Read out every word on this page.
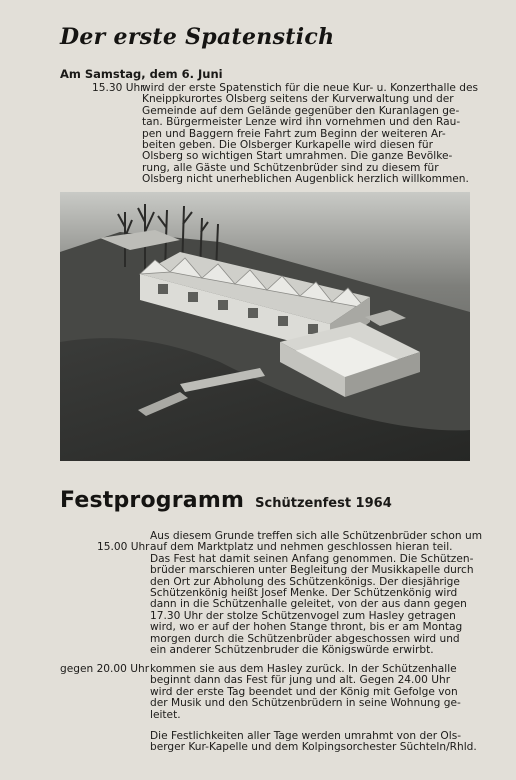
Der erste Spatenstich
Am Samstag, dem 6. Juni
15.30 Uhr
wird der erste Spatenstich für die neue Kur- u. Konzerthalle des
Kneippkurortes Olsberg seitens der Kurverwaltung und der
Gemeinde auf dem Gelände gegenüber den Kuranlagen ge-
tan. Bürgermeister Lenze wird ihn vornehmen und den Rau-
pen und Baggern freie Fahrt zum Beginn der weiteren Ar-
beiten geben. Die Olsberger Kurkapelle wird diesen für
Olsberg so wichtigen Start umrahmen. Die ganze Bevölke-
rung, alle Gäste und Schützenbrüder sind zu diesem für
Olsberg nicht unerheblichen Augenblick herzlich willkommen.
Festprogramm Schützenfest 1964
15.00 Uhr
Aus diesem Grunde treffen sich alle Schützenbrüder schon um
auf dem Marktplatz und nehmen geschlossen hieran teil.
Das Fest hat damit seinen Anfang genommen. Die Schützen-
brüder marschieren unter Begleitung der Musikkapelle durch
den Ort zur Abholung des Schützenkönigs. Der diesjährige
Schützenkönig heißt Josef Menke. Der Schützenkönig wird
dann in die Schützenhalle geleitet, von der aus dann gegen
17.30 Uhr der stolze Schützenvogel zum Hasley getragen
wird, wo er auf der hohen Stange thront, bis er am Montag
morgen durch die Schützenbrüder abgeschossen wird und
ein anderer Schützenbruder die Königswürde erwirbt.
gegen 20.00 Uhr kommen sie aus dem Hasley zurück. In der Schützenhalle
beginnt dann das Fest für jung und alt. Gegen 24.00 Uhr
wird der erste Tag beendet und der König mit Gefolge von
der Musik und den Schützenbrüdern in seine Wohnung ge-
leitet.
Die Festlichkeiten aller Tage werden umrahmt von der Ols-
berger Kur-Kapelle und dem Kolpingsorchester Süchteln/Rhld.
